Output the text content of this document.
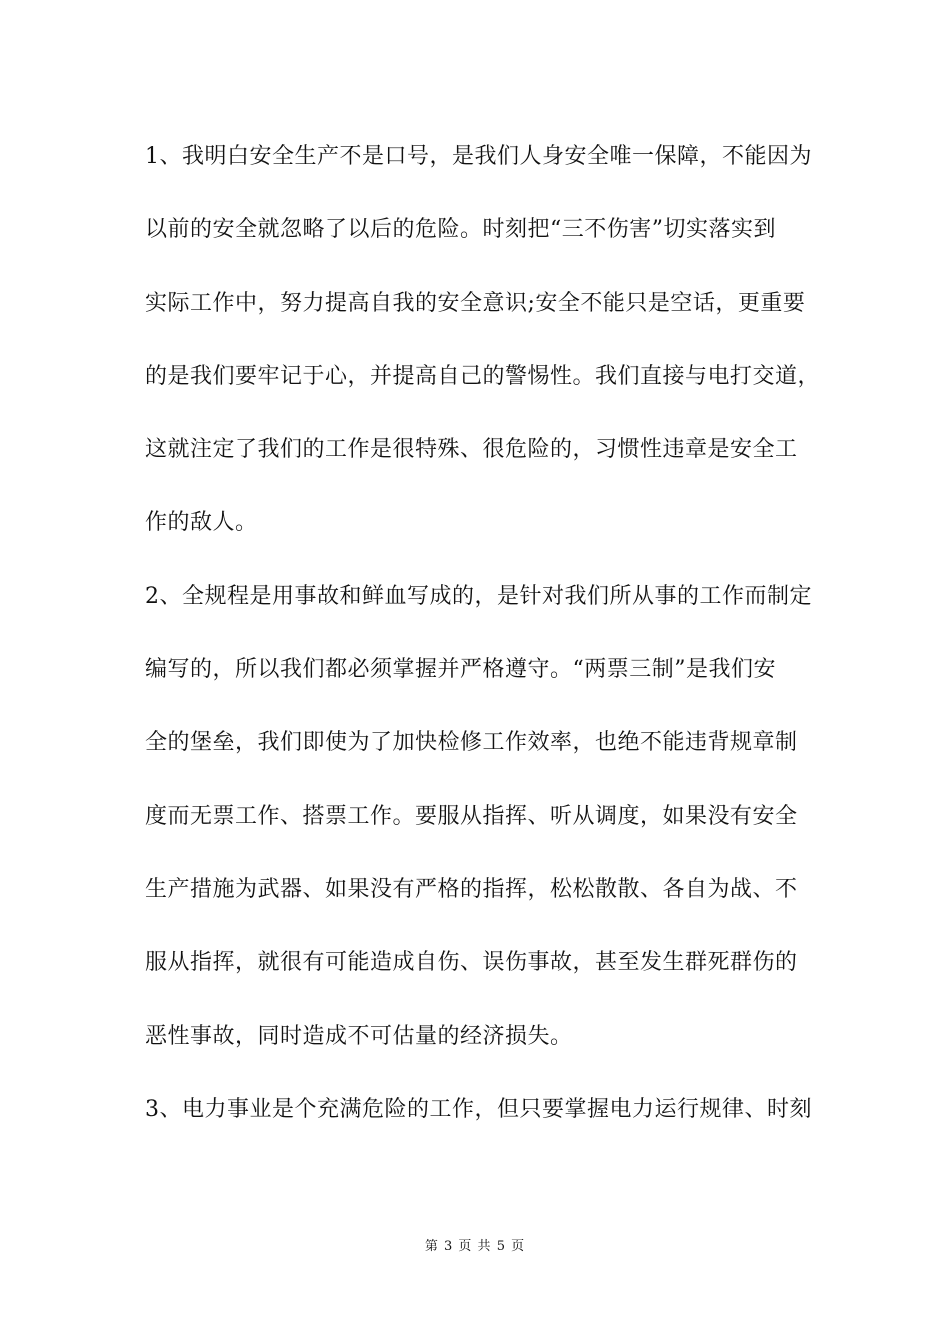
1、我明白安全生产不是口号，是我们人身安全唯一保障，不能因为
以前的安全就忽略了以后的危险。时刻把“三不伤害”切实落实到
实际工作中，努力提高自我的安全意识;安全不能只是空话，更重要
的是我们要牢记于心，并提高自己的警惕性。我们直接与电打交道，
这就注定了我们的工作是很特殊、很危险的，习惯性违章是安全工
作的敌人。
2、全规程是用事故和鲜血写成的，是针对我们所从事的工作而制定
编写的，所以我们都必须掌握并严格遵守。“两票三制”是我们安
全的堡垒，我们即使为了加快检修工作效率，也绝不能违背规章制
度而无票工作、搭票工作。要服从指挥、听从调度，如果没有安全
生产措施为武器、如果没有严格的指挥，松松散散、各自为战、不
服从指挥，就很有可能造成自伤、误伤事故，甚至发生群死群伤的
恶性事故，同时造成不可估量的经济损失。
3、电力事业是个充满危险的工作，但只要掌握电力运行规律、时刻
第 3 页 共 5 页
